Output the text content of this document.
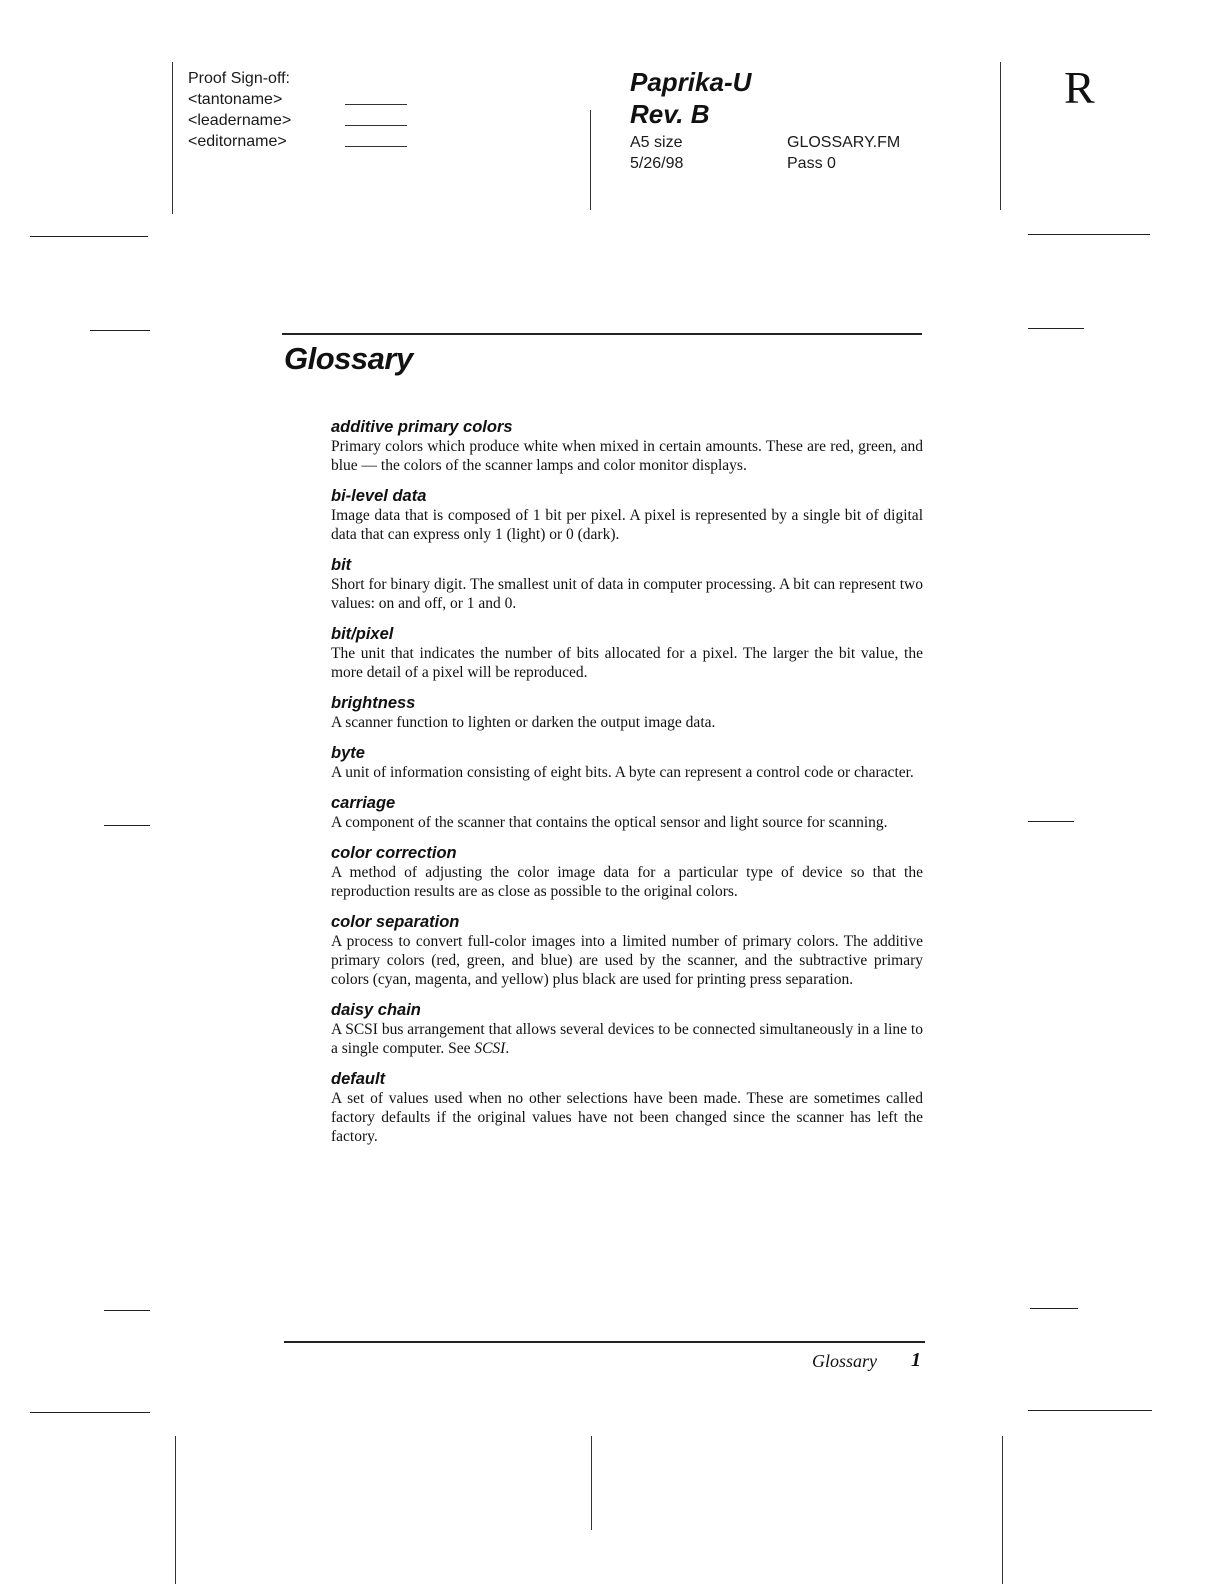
Proof Sign-off:
<tantoname>
<leadername>
<editorname>
Paprika-U
Rev. B
A5 size	GLOSSARY.FM
5/26/98	Pass 0
R
Glossary
additive primary colors
Primary colors which produce white when mixed in certain amounts. These are red, green, and blue — the colors of the scanner lamps and color monitor displays.
bi-level data
Image data that is composed of 1 bit per pixel. A pixel is represented by a single bit of digital data that can express only 1 (light) or 0 (dark).
bit
Short for binary digit. The smallest unit of data in computer processing. A bit can represent two values: on and off, or 1 and 0.
bit/pixel
The unit that indicates the number of bits allocated for a pixel. The larger the bit value, the more detail of a pixel will be reproduced.
brightness
A scanner function to lighten or darken the output image data.
byte
A unit of information consisting of eight bits. A byte can represent a control code or character.
carriage
A component of the scanner that contains the optical sensor and light source for scanning.
color correction
A method of adjusting the color image data for a particular type of device so that the reproduction results are as close as possible to the original colors.
color separation
A process to convert full-color images into a limited number of primary colors. The additive primary colors (red, green, and blue) are used by the scanner, and the subtractive primary colors (cyan, magenta, and yellow) plus black are used for printing press separation.
daisy chain
A SCSI bus arrangement that allows several devices to be connected simultaneously in a line to a single computer. See SCSI.
default
A set of values used when no other selections have been made. These are sometimes called factory defaults if the original values have not been changed since the scanner has left the factory.
Glossary 1
